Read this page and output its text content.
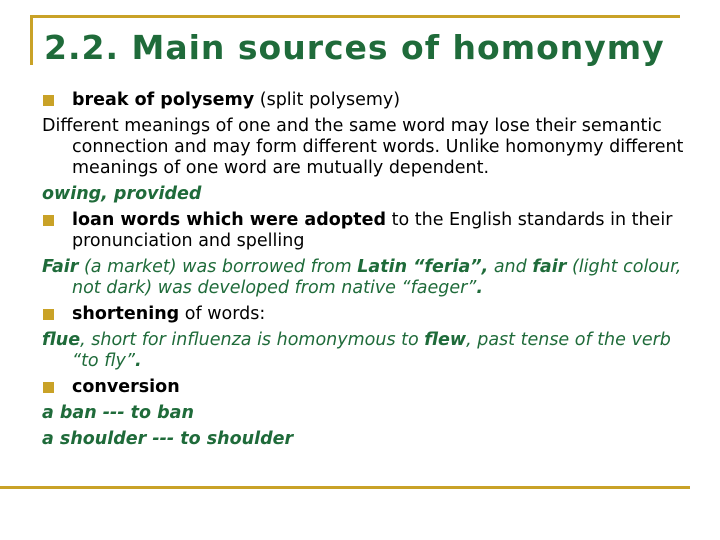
2.2. Main sources of homonymy
break of polysemy (split polysemy)
Different meanings of one and the same word may lose their semantic connection and may form different words. Unlike homonymy different meanings of one word are mutually dependent.
owing, provided
loan words which were adopted to the English standards in their pronunciation and spelling
Fair (a market) was borrowed from Latin “feria”, and fair (light colour, not dark) was developed from native “faeger”.
shortening of words:
flue, short for influenza is homonymous to flew, past tense of the verb “to fly”.
conversion
a ban --- to ban
a shoulder --- to shoulder
